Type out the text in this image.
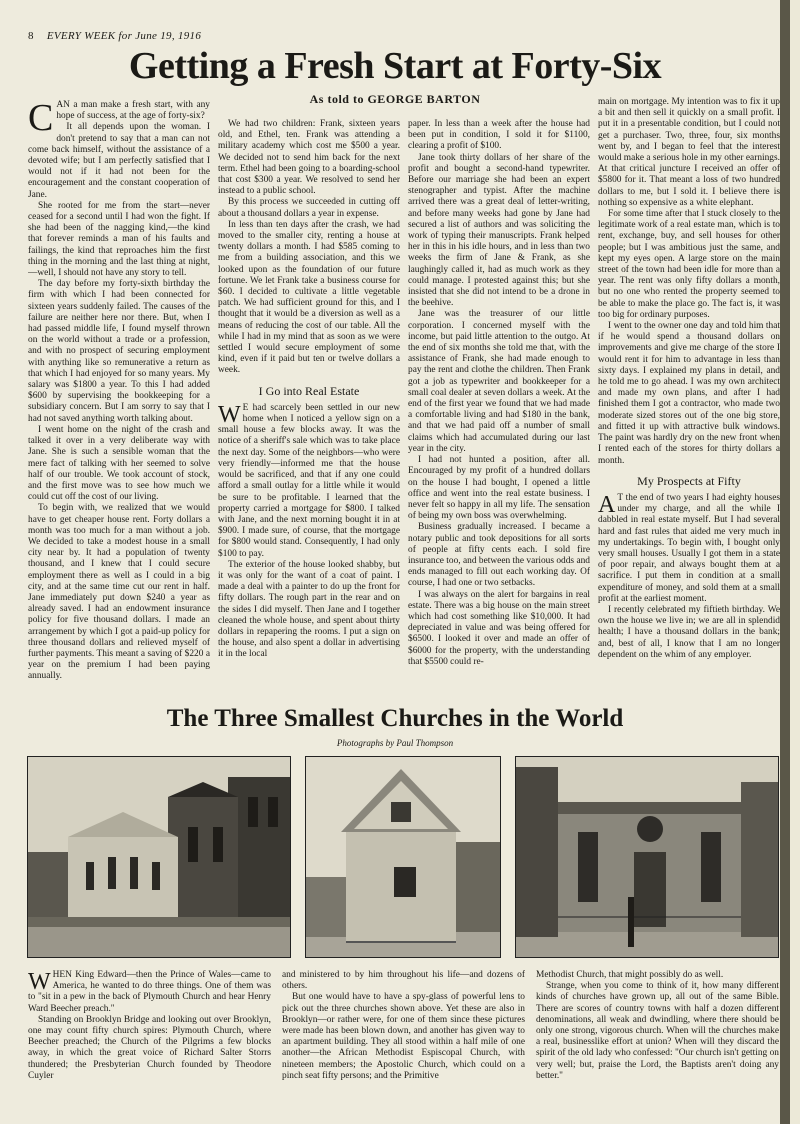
8 EVERY WEEK for June 19, 1916
Getting a Fresh Start at Forty-Six
As told to GEORGE BARTON

CAN a man make a fresh start, with any hope of success, at the age of forty-six?

It all depends upon the woman. I don't pretend to say that a man can not come back himself, without the assistance of a devoted wife; but I am perfectly satisfied that I would not if it had not been for the encouragement and the constant cooperation of Jane.

She rooted for me from the start—never ceased for a second until I had won the fight. If she had been of the nagging kind,—the kind that forever reminds a man of his faults and failings, the kind that reproaches him the first thing in the morning and the last thing at night,—well, I should not have any story to tell.

The day before my forty-sixth birthday the firm with which I had been connected for sixteen years suddenly failed. The causes of the failure are neither here nor there. But, when I had passed middle life, I found myself thrown on the world without a trade or a profession, and with no prospect of securing employment with anything like so remunerative a return as that which I had enjoyed for so many years. My salary was $1800 a year. To this I had added $600 by supervising the bookkeeping for a subsidiary concern. But I am sorry to say that I had not saved anything worth talking about.

I went home on the night of the crash and talked it over in a very deliberate way with Jane. She is such a sensible woman that the mere fact of talking with her seemed to solve half of our trouble. We took account of stock, and the first move was to see how much we could cut off the cost of our living.

To begin with, we realized that we would have to get cheaper house rent. Forty dollars a month was too much for a man without a job. We decided to take a modest house in a small city near by. It had a population of twenty thousand, and I knew that I could secure employment there as well as I could in a big city, and at the same time cut our rent in half. Jane immediately put down $240 a year as already saved. I had an endowment insurance policy for five thousand dollars. I made an arrangement by which I got a paid-up policy for three thousand dollars and relieved myself of further payments. This meant a saving of $220 a year on the premium I had been paying annually.

We had two children: Frank, sixteen years old, and Ethel, ten. Frank was attending a military academy which cost me $500 a year. We decided not to send him back for the next term. Ethel had been going to a boarding-school that cost $300 a year. We resolved to send her instead to a public school.

By this process we succeeded in cutting off about a thousand dollars a year in expense.

In less than ten days after the crash, we had moved to the smaller city, renting a house at twenty dollars a month. I had $585 coming to me from a building association, and this we looked upon as the foundation of our future fortune. We let Frank take a business course for $60. I decided to cultivate a little vegetable patch. We had sufficient ground for this, and I thought that it would be a diversion as well as a means of reducing the cost of our table. All the while I had in my mind that as soon as we were settled I would secure employment of some kind, even if it paid but ten or twelve dollars a week.

I Go into Real Estate

W E had scarcely been settled in our new home when I noticed a yellow sign on a small house a few blocks away. It was the notice of a sheriff's sale which was to take place the next day. Some of the neighbors—who were very friendly—informed me that the house would be sacrificed, and that if any one could afford a small outlay for a little while it would be sure to be profitable. I learned that the property carried a mortgage for $800. I talked with Jane, and the next morning bought it in at $900. I made sure, of course, that the mortgage for $800 would stand. Consequently, I had only $100 to pay.

The exterior of the house looked shabby, but it was only for the want of a coat of paint. I made a deal with a painter to do up the front for fifty dollars. The rough part in the rear and on the sides I did myself. Then Jane and I together cleaned the whole house, and spent about thirty dollars in repapering the rooms. I put a sign on the house, and also spent a dollar in advertising it in the local

paper. In less than a week after the house had been put in condition, I sold it for $1100, clearing a profit of $100.

Jane took thirty dollars of her share of the profit and bought a second-hand typewriter. Before our marriage she had been an expert stenographer and typist. After the machine arrived there was a great deal of letter-writing, and before many weeks had gone by Jane had secured a list of authors and was soliciting the work of typing their manuscripts. Frank helped her in this in his idle hours, and in less than two weeks the firm of Jane & Frank, as she laughingly called it, had as much work as they could manage. I protested against this; but she insisted that she did not intend to be a drone in the beehive.

Jane was the treasurer of our little corporation. I concerned myself with the income, but paid little attention to the outgo. At the end of six months she told me that, with the assistance of Frank, she had made enough to pay the rent and clothe the children. Then Frank got a job as typewriter and bookkeeper for a small coal dealer at seven dollars a week. At the end of the first year we found that we had made a comfortable living and had $180 in the bank, and that we had paid off a number of small claims which had accumulated during our last year in the city.

I had not hunted a position, after all. Encouraged by my profit of a hundred dollars on the house I had bought, I opened a little office and went into the real estate business. I never felt so happy in all my life. The sensation of being my own boss was overwhelming.

Business gradually increased. I became a notary public and took depositions for all sorts of people at fifty cents each. I sold fire insurance too, and between the various odds and ends managed to fill out each working day. Of course, I had one or two setbacks.

I was always on the alert for bargains in real estate. There was a big house on the main street which had cost something like $10,000. It had depreciated in value and was being offered for $6500. I looked it over and made an offer of $6000 for the property, with the understanding that $5500 could re-

main on mortgage. My intention was to fix it up a bit and then sell it quickly on a small profit. I put it in a presentable condition, but I could not get a purchaser. Two, three, four, six months went by, and I began to feel that the interest would make a serious hole in my other earnings. At that critical juncture I received an offer of $5800 for it. That meant a loss of two hundred dollars to me, but I sold it. I believe there is nothing so expensive as a white elephant.

For some time after that I stuck closely to the legitimate work of a real estate man, which is to rent, exchange, buy, and sell houses for other people; but I was ambitious just the same, and kept my eyes open. A large store on the main street of the town had been idle for more than a year. The rent was only fifty dollars a month, but no one who rented the property seemed to be able to make the place go. The fact is, it was too big for ordinary purposes.

I went to the owner one day and told him that if he would spend a thousand dollars on improvements and give me charge of the store I would rent it for him to advantage in less than sixty days. I explained my plans in detail, and he told me to go ahead. I was my own architect and made my own plans, and after I had finished them I got a contractor, who made two moderate sized stores out of the one big store, and fitted it up with attractive bulk windows. The paint was hardly dry on the new front when I rented each of the stores for thirty dollars a month.

My Prospects at Fifty

A T the end of two years I had eighty houses under my charge, and all the while I dabbled in real estate myself. But I had several hard and fast rules that aided me very much in my undertakings. To begin with, I bought only very small houses. Usually I got them in a state of poor repair, and always bought them at a sacrifice. I put them in condition at a small expenditure of money, and sold them at a small profit at the earliest moment.

I recently celebrated my fiftieth birthday. We own the house we live in; we are all in splendid health; I have a thousand dollars in the bank; and, best of all, I know that I am no longer dependent on the whim of any employer.

The Three Smallest Churches in the World
Photographs by Paul Thompson

WHEN King Edward—then the Prince of Wales—came to America, he wanted to do three things. One of them was to "sit in a pew in the back of Plymouth Church and hear Henry Ward Beecher preach."

Standing on Brooklyn Bridge and looking out over Brooklyn, one may count fifty church spires: Plymouth Church, where Beecher preached; the Church of the Pilgrims a few blocks away, in which the great voice of Richard Salter Storrs thundered; the Presbyterian Church founded by Theodore Cuyler

and ministered to by him throughout his life—and dozens of others.

But one would have to have a spy-glass of powerful lens to pick out the three churches shown above. Yet these are also in Brooklyn—or rather were, for one of them since these pictures were made has been blown down, and another has given way to an apartment building. They all stood within a half mile of one another—the African Methodist Espiscopal Church, with nineteen members; the Apostolic Church, which could on a pinch seat fifty persons; and the Primitive

Methodist Church, that might possibly do as well.

Strange, when you come to think of it, how many different kinds of churches have grown up, all out of the same Bible. There are scores of country towns with half a dozen different denominations, all weak and dwindling, where there should be only one strong, vigorous church. When will the churches make a real, businesslike effort at union? When will they discard the spirit of the old lady who confessed: "Our church isn't getting on very well; but, praise the Lord, the Baptists aren't doing any better."
